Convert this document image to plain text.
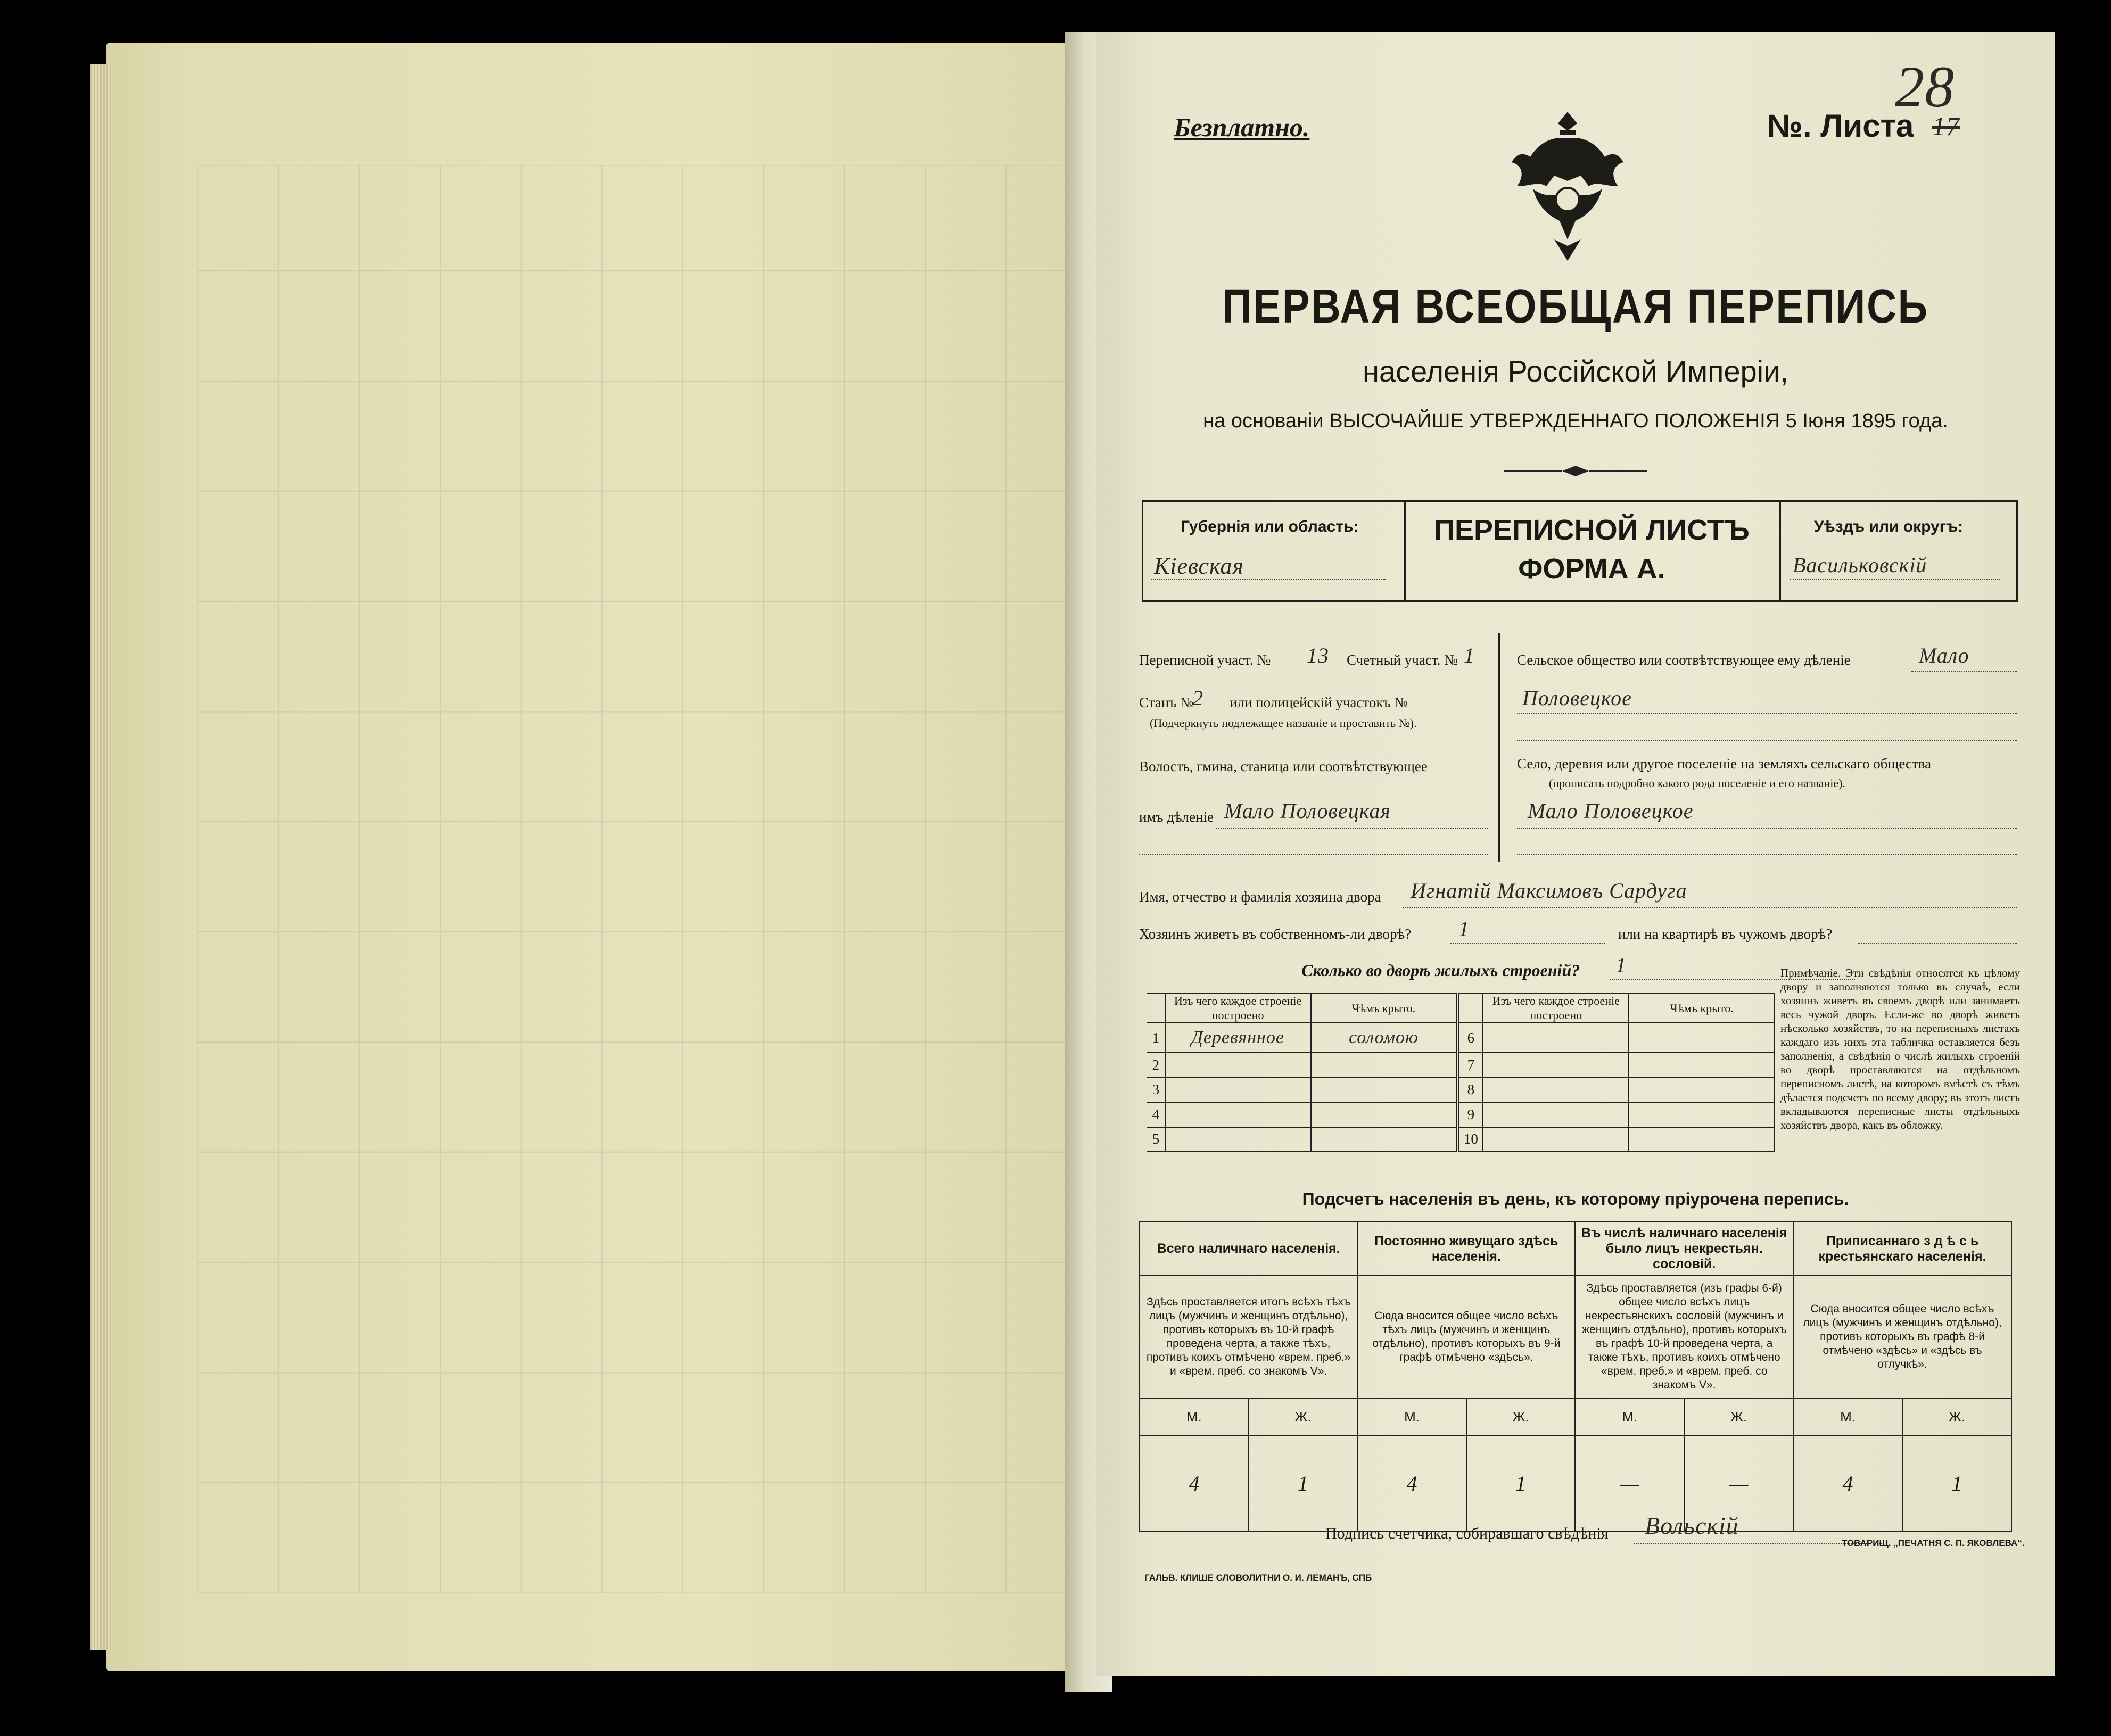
Безплатно.	№. Листа 17
28
ПЕРВАЯ ВСЕОБЩАЯ ПЕРЕПИСЬ
населенія Россійской Имперіи,
на основаніи ВЫСОЧАЙШЕ УТВЕРЖДЕННАГО ПОЛОЖЕНІЯ 5 Іюня 1895 года.
Губернія или область:
Кіевская
ПЕРЕПИСНОЙ ЛИСТЪ
ФОРМА А.
Уѣздъ или округъ:
Васильковскій
Переписной участ. № 13 Счетный участ. № 1
Станъ №
2 или полицейскій участокъ №
(Подчеркнуть подлежащее названіе и проставить №).
Волость, гмина, станица или соотвѣтствующее
имъ дѣленіе Мало Половецкая
Сельское общество или соотвѣтствующее ему дѣленіе	Мало
Половецкое
Село, деревня или другое поселеніе на земляхъ сельскаго общества
(прописать подробно какого рода поселеніе и его названіе).
Мало Половецкое
Имя, отчество и фамилія хозяина двора Игнатій Максимовъ Сардуга
Хозяинъ живетъ въ собственномъ-ли дворѣ? 1	или на квартирѣ въ чужомъ дворѣ?
Сколько во дворѣ жилыхъ строеній? 1
	Изъ чего каждое строеніе построено	Чѣмъ крыто.		Изъ чего каждое строеніе построено	Чѣмъ крыто.
1	Деревянное	соломою	6		
2			7		
3			8		
4			9		
5			10		
Примѣчаніе. Эти свѣдѣнія относятся къ цѣлому двору и заполняются только въ случаѣ, если хозяинъ живетъ въ своемъ дворѣ или занимаетъ весь чужой дворъ. Если-же во дворѣ живетъ нѣсколько хозяйствъ, то на переписныхъ листахъ каждаго изъ нихъ эта табличка оставляется безъ заполненія, а свѣдѣнія о числѣ жилыхъ строеній во дворѣ проставляются на отдѣльномъ переписномъ листѣ, на которомъ вмѣстѣ съ тѣмъ дѣлается подсчетъ по всему двору; въ этотъ листъ вкладываются переписные листы отдѣльныхъ хозяйствъ двора, какъ въ обложку.
Подсчетъ населенія въ день, къ которому пріурочена перепись.
Всего наличнаго населенія.		Постоянно живущаго здѣсь населенія.		Въ числѣ наличнаго населенія было лицъ некрестьян. сословій.		Приписаннаго з д ѣ с ь крестьянскаго населенія.	
Здѣсь проставляется итогъ всѣхъ тѣхъ лицъ (мужчинъ и женщинъ отдѣльно), противъ которыхъ въ 10-й графѣ проведена черта, а также тѣхъ, противъ коихъ отмѣчено «врем. преб.» и «врем. преб. со знакомъ V».		Сюда вносится общее число всѣхъ тѣхъ лицъ (мужчинъ и женщинъ отдѣльно), противъ которыхъ въ 9-й графѣ отмѣчено «здѣсь».		Здѣсь проставляется (изъ графы 6-й) общее число всѣхъ лицъ некрестьянскихъ сословій (мужчинъ и женщинъ отдѣльно), противъ которыхъ въ графѣ 10-й проведена черта, а также тѣхъ, противъ коихъ отмѣчено «врем. преб.» и «врем. преб. со знакомъ V».		Сюда вносится общее число всѣхъ лицъ (мужчинъ и женщинъ отдѣльно), противъ которыхъ въ графѣ 8-й отмѣчено «здѣсь» и «здѣсь въ отлучкѣ».	
М.	Ж.	М.	Ж.	М.	Ж.	М.	Ж.
4	1	4	1	—	—	4	1
Подпись счетчика, собиравшаго свѣдѣнія Вольскій
ГАЛЬВ. КЛИШЕ СЛОВОЛИТНИ О. И. ЛЕМАНЪ, СПБ
ТОВАРИЩ. „ПЕЧАТНЯ С. П. ЯКОВЛЕВА“.
